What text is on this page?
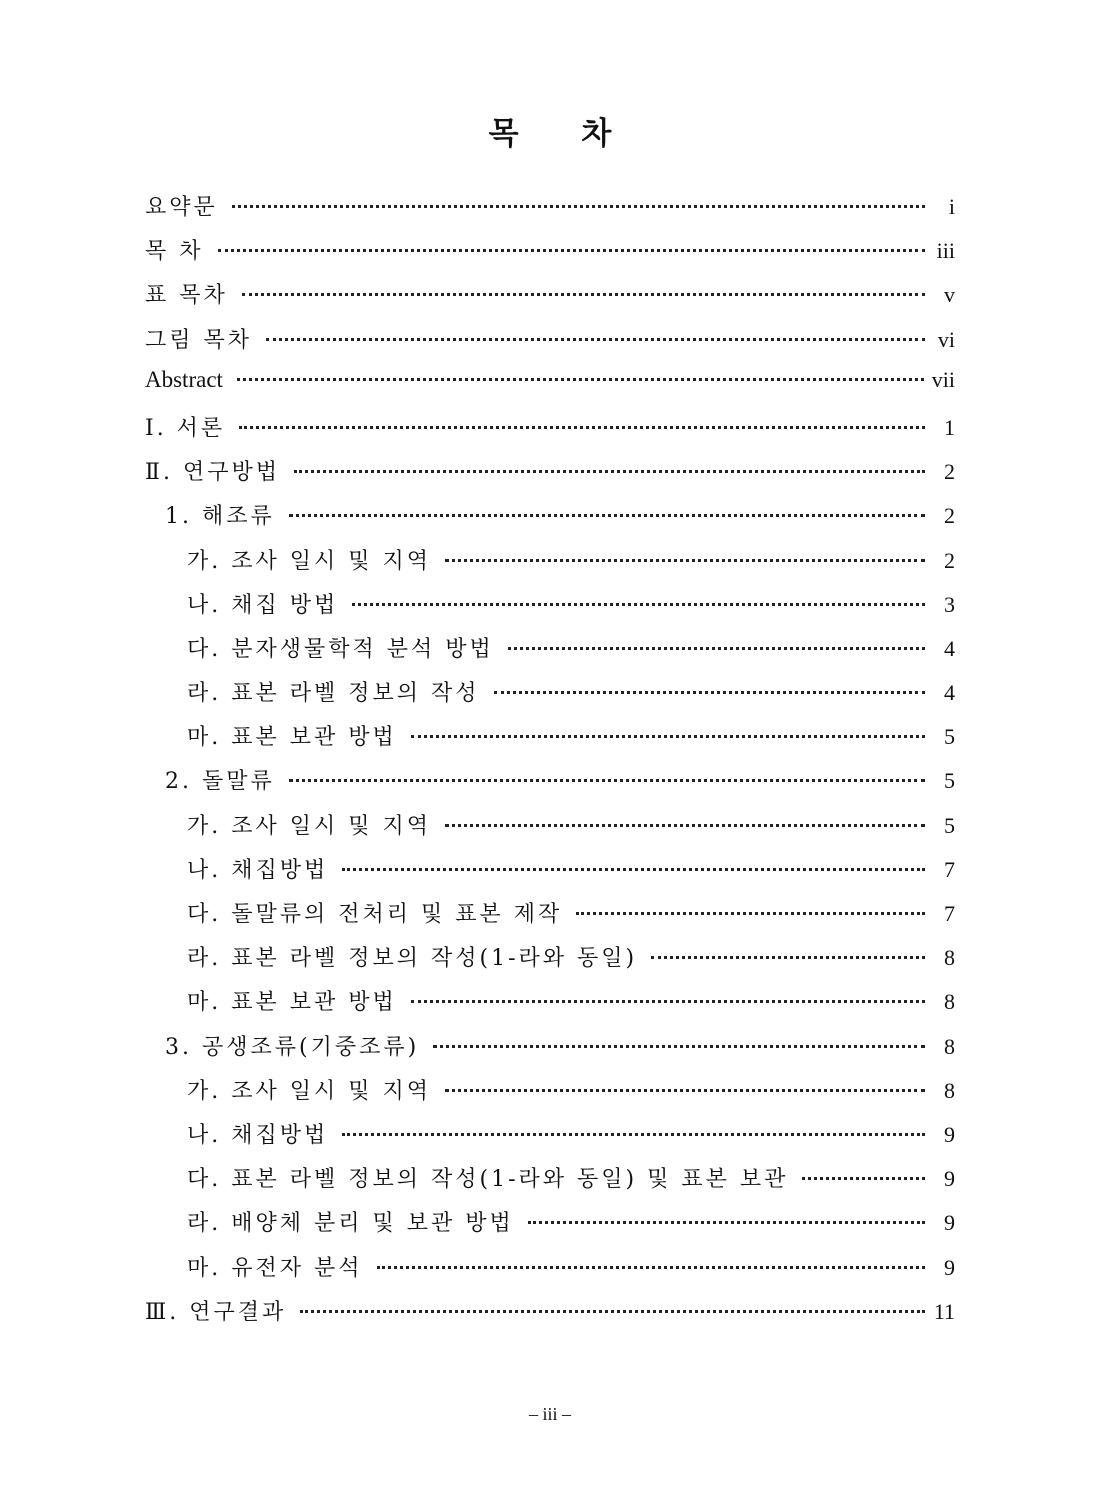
목 차
요약문	i
목 차	iii
표 목차	v
그림 목차	vi
Abstract	vii
Ⅰ. 서론	1
Ⅱ. 연구방법	2
1. 해조류	2
가. 조사 일시 및 지역	2
나. 채집 방법	3
다. 분자생물학적 분석 방법	4
라. 표본 라벨 정보의 작성	4
마. 표본 보관 방법	5
2. 돌말류	5
가. 조사 일시 및 지역	5
나. 채집방법	7
다. 돌말류의 전처리 및 표본 제작	7
라. 표본 라벨 정보의 작성(1-라와 동일)	8
마. 표본 보관 방법	8
3. 공생조류(기중조류)	8
가. 조사 일시 및 지역	8
나. 채집방법	9
다. 표본 라벨 정보의 작성(1-라와 동일) 및 표본 보관	9
라. 배양체 분리 및 보관 방법	9
마. 유전자 분석	9
Ⅲ. 연구결과	11
– iii –
